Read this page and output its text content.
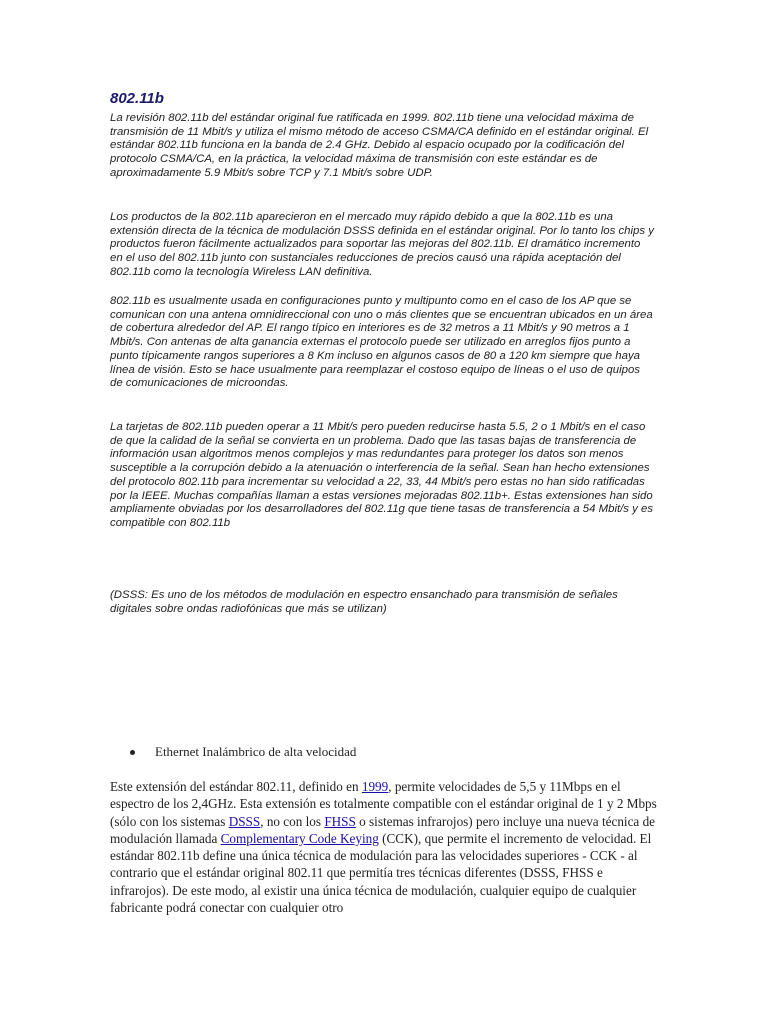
802.11b

La revisión 802.11b del estándar original fue ratificada en 1999. 802.11b tiene una velocidad máxima de transmisión de 11 Mbit/s y utiliza el mismo método de acceso CSMA/CA definido en el estándar original. El estándar 802.11b funciona en la banda de 2.4 GHz. Debido al espacio ocupado por la codificación del protocolo CSMA/CA, en la práctica, la velocidad máxima de transmisión con este estándar es de aproximadamente 5.9 Mbit/s sobre TCP y 7.1 Mbit/s sobre UDP.

Los productos de la 802.11b aparecieron en el mercado muy rápido debido a que la 802.11b es una extensión directa de la técnica de modulación DSSS definida en el estándar original. Por lo tanto los chips y productos fueron fácilmente actualizados para soportar las mejoras del 802.11b. El dramático incremento en el uso del 802.11b junto con sustanciales reducciones de precios causó una rápida aceptación del 802.11b como la tecnología Wireless LAN definitiva.

802.11b es usualmente usada en configuraciones punto y multipunto como en el caso de los AP que se comunican con una antena omnidireccional con uno o más clientes que se encuentran ubicados en un área de cobertura alrededor del AP. El rango típico en interiores es de 32 metros a 11 Mbit/s y 90 metros a 1 Mbit/s. Con antenas de alta ganancia externas el protocolo puede ser utilizado en arreglos fijos punto a punto típicamente rangos superiores a 8 Km incluso en algunos casos de 80 a 120 km siempre que haya línea de visión. Esto se hace usualmente para reemplazar el costoso equipo de líneas o el uso de quipos de comunicaciones de microondas.

La tarjetas de 802.11b pueden operar a 11 Mbit/s pero pueden reducirse hasta 5.5, 2 o 1 Mbit/s en el caso de que la calidad de la señal se convierta en un problema. Dado que las tasas bajas de transferencia de información usan algoritmos menos complejos y mas redundantes para proteger los datos son menos susceptible a la corrupción debido a la atenuación o interferencia de la señal. Sean han hecho extensiones del protocolo 802.11b para incrementar su velocidad a 22, 33, 44 Mbit/s pero estas no han sido ratificadas por la IEEE. Muchas compañías llaman a estas versiones mejoradas 802.11b+. Estas extensiones han sido ampliamente obviadas por los desarrolladores del 802.11g que tiene tasas de transferencia a 54 Mbit/s y es compatible con 802.11b

(DSSS: Es uno de los métodos de modulación en espectro ensanchado para transmisión de señales digitales sobre ondas radiofónicas que más se utilizan)

Ethernet Inalámbrico de alta velocidad

Este extensión del estándar 802.11, definido en 1999, permite velocidades de 5,5 y 11Mbps en el espectro de los 2,4GHz. Esta extensión es totalmente compatible con el estándar original de 1 y 2 Mbps (sólo con los sistemas DSSS, no con los FHSS o sistemas infrarojos) pero incluye una nueva técnica de modulación llamada Complementary Code Keying (CCK), que permite el incremento de velocidad. El estándar 802.11b define una única técnica de modulación para las velocidades superiores - CCK - al contrario que el estándar original 802.11 que permitía tres técnicas diferentes (DSSS, FHSS e infrarojos). De este modo, al existir una única técnica de modulación, cualquier equipo de cualquier fabricante podrá conectar con cualquier otro
